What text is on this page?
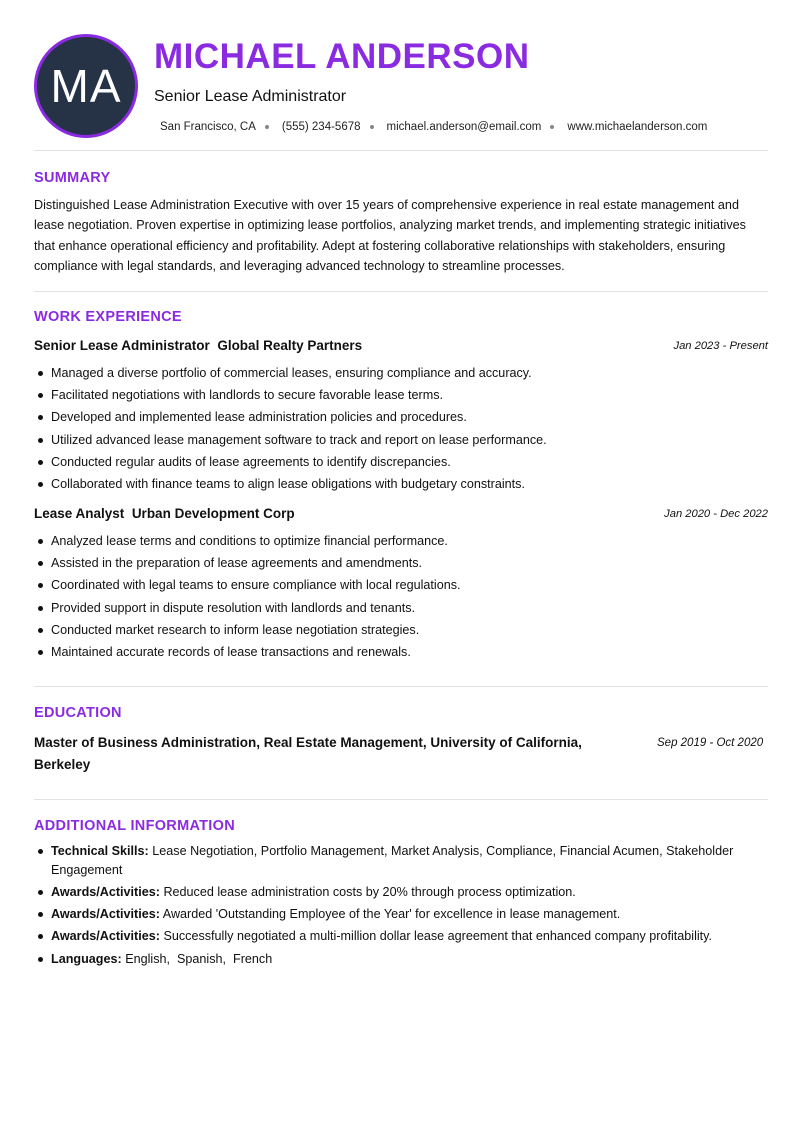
MA
MICHAEL ANDERSON
Senior Lease Administrator
San Francisco, CA (555) 234-5678 michael.anderson@email.com www.michaelanderson.com
SUMMARY
Distinguished Lease Administration Executive with over 15 years of comprehensive experience in real estate management and lease negotiation. Proven expertise in optimizing lease portfolios, analyzing market trends, and implementing strategic initiatives that enhance operational efficiency and profitability. Adept at fostering collaborative relationships with stakeholders, ensuring compliance with legal standards, and leveraging advanced technology to streamline processes.
WORK EXPERIENCE
Senior Lease Administrator Global Realty Partners	Jan 2023 - Present
Managed a diverse portfolio of commercial leases, ensuring compliance and accuracy.
Facilitated negotiations with landlords to secure favorable lease terms.
Developed and implemented lease administration policies and procedures.
Utilized advanced lease management software to track and report on lease performance.
Conducted regular audits of lease agreements to identify discrepancies.
Collaborated with finance teams to align lease obligations with budgetary constraints.
Lease Analyst Urban Development Corp	Jan 2020 - Dec 2022
Analyzed lease terms and conditions to optimize financial performance.
Assisted in the preparation of lease agreements and amendments.
Coordinated with legal teams to ensure compliance with local regulations.
Provided support in dispute resolution with landlords and tenants.
Conducted market research to inform lease negotiation strategies.
Maintained accurate records of lease transactions and renewals.
EDUCATION
Master of Business Administration, Real Estate Management, University of California, Berkeley
Sep 2019 - Oct 2020
ADDITIONAL INFORMATION
Technical Skills: Lease Negotiation, Portfolio Management, Market Analysis, Compliance, Financial Acumen, Stakeholder Engagement
Awards/Activities: Reduced lease administration costs by 20% through process optimization.
Awards/Activities: Awarded 'Outstanding Employee of the Year' for excellence in lease management.
Awards/Activities: Successfully negotiated a multi-million dollar lease agreement that enhanced company profitability.
Languages: English,  Spanish,  French
